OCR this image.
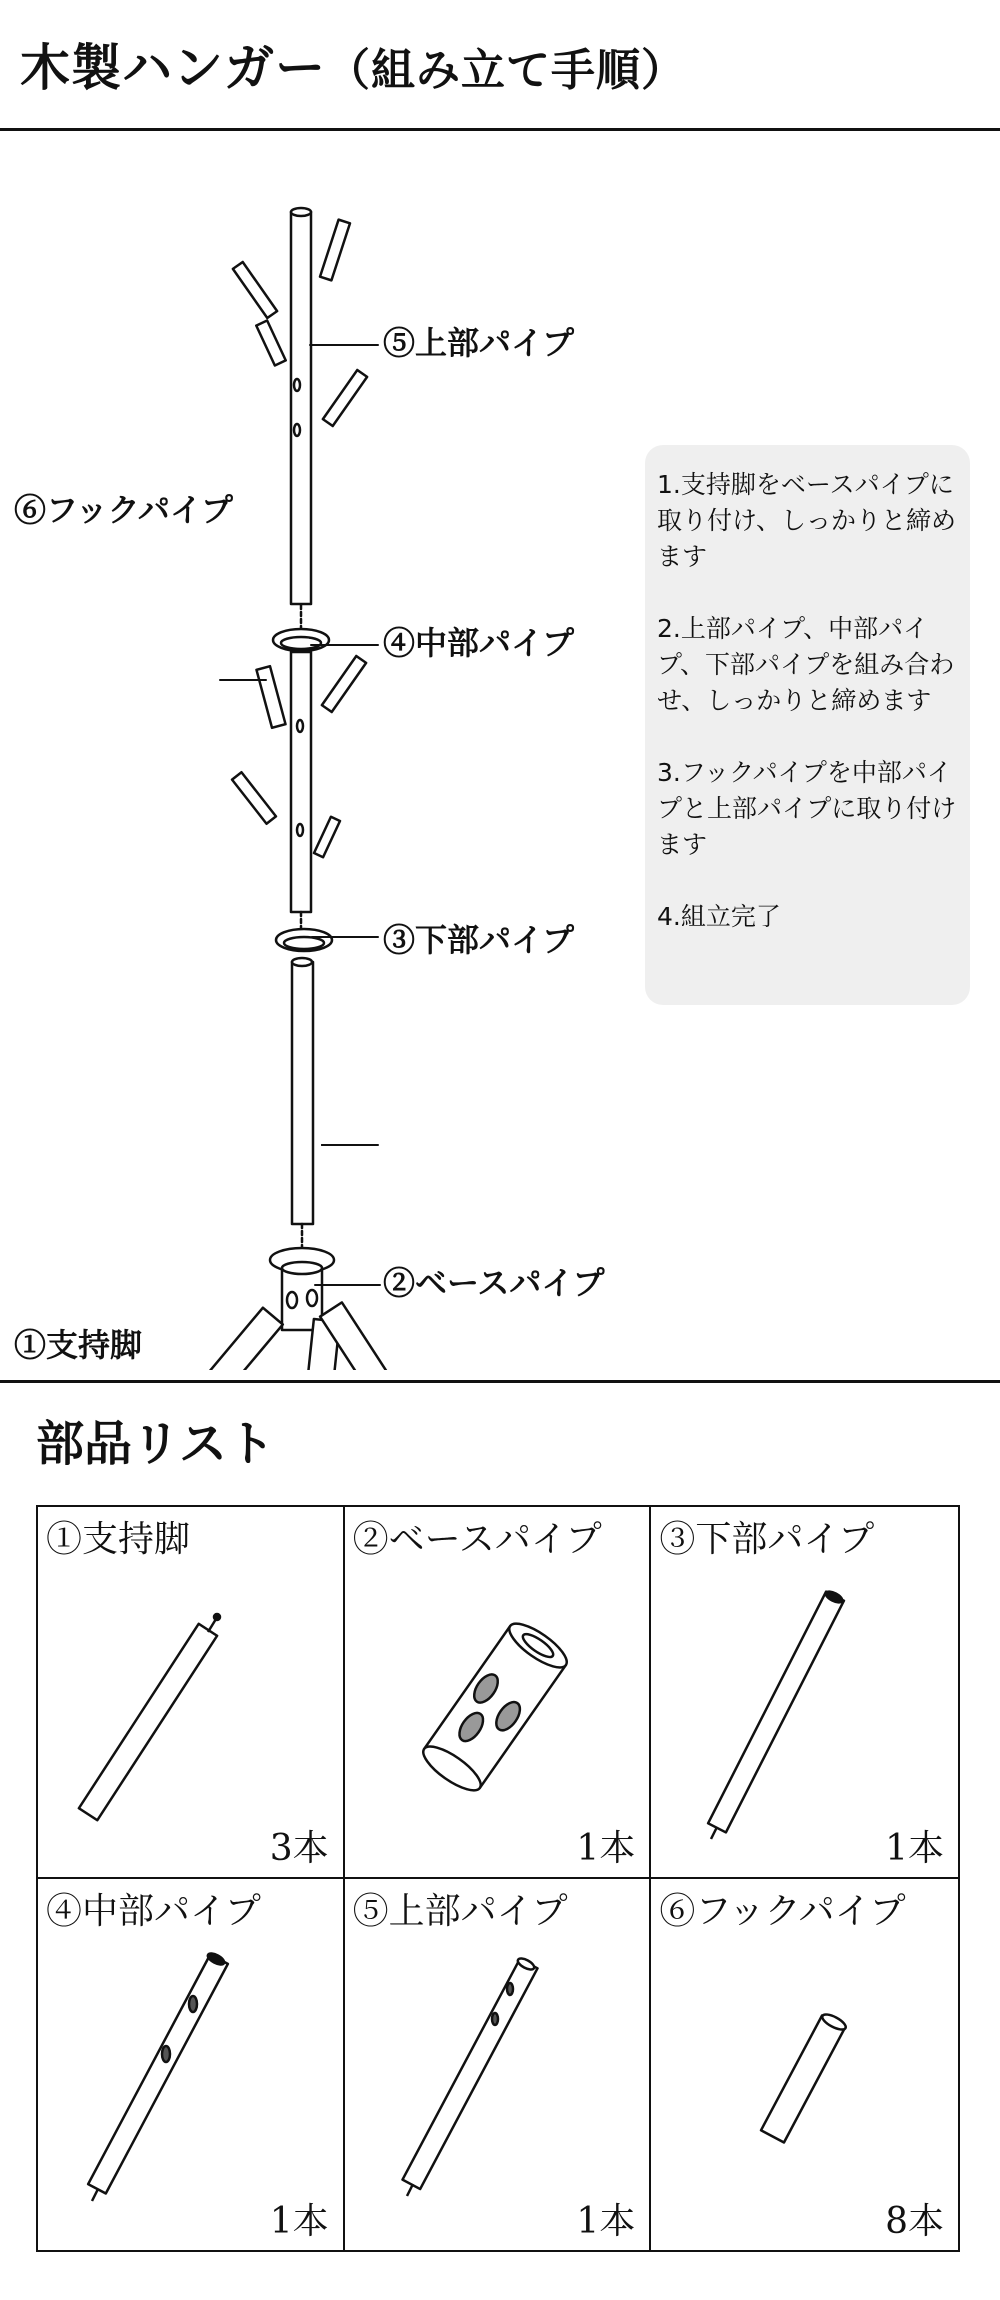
木製ハンガー（組み立て手順）
⑤上部パイプ
⑥フックパイプ
④中部パイプ
③下部パイプ
②ベースパイプ
①支持脚

1.支持脚をベースパイプに取り付け、しっかりと締めます

2.上部パイプ、中部パイプ、下部パイプを組み合わせ、しっかりと締めます

3.フックパイプを中部パイプと上部パイプに取り付けます

4.組立完了

部品リスト
①支持脚
3本
②ベースパイプ
1本
③下部パイプ
1本
④中部パイプ
1本
⑤上部パイプ
1本
⑥フックパイプ
8本
